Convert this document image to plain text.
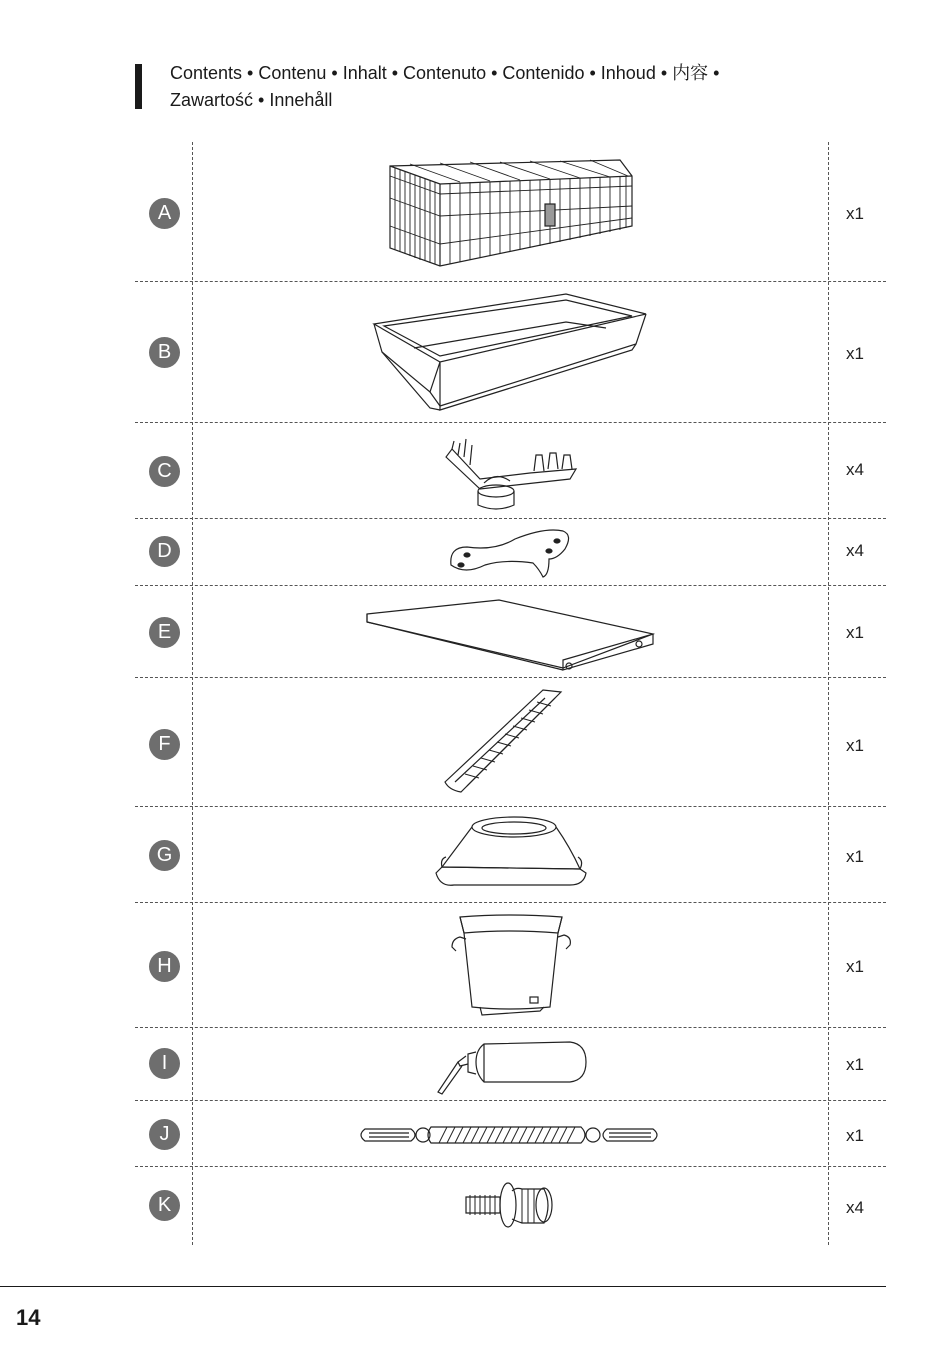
Contents • Contenu • Inhalt • Contenuto • Contenido • Inhoud • 内容 •
Zawartość • Innehåll
A	x1
B	x1
C	x4
D	x4
E	x1
F	x1
G	x1
H	x1
I	x1
J	x1
K	x4
14
